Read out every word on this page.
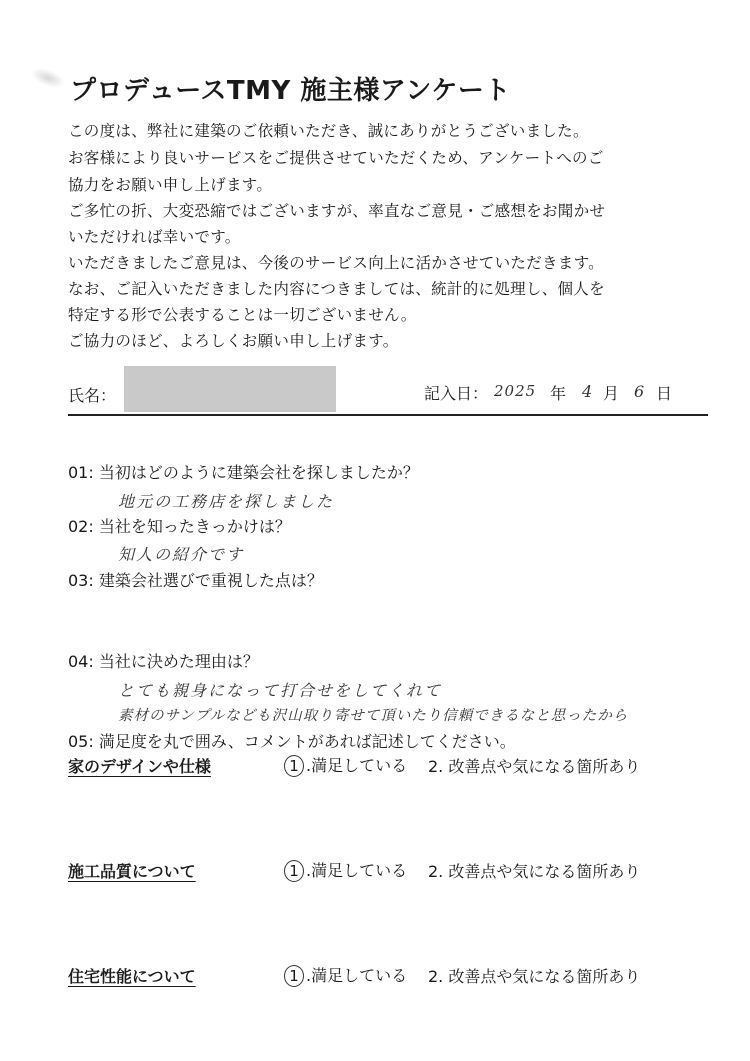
プロデュースTMY 施主様アンケート
この度は、弊社に建築のご依頼いただき、誠にありがとうございました。
お客様により良いサービスをご提供させていただくため、アンケートへのご
協力をお願い申し上げます。
ご多忙の折、大変恐縮ではございますが、率直なご意見・ご感想をお聞かせ
いただければ幸いです。
いただきましたご意見は、今後のサービス向上に活かさせていただきます。
なお、ご記入いただきました内容につきましては、統計的に処理し、個人を
特定する形で公表することは一切ございません。
ご協力のほど、よろしくお願い申し上げます。
氏名：	記入日： 2025 年 4 月 6 日
01: 当初はどのように建築会社を探しましたか？
地元の工務店を探しました
02: 当社を知ったきっかけは？
知人の紹介です
03: 建築会社選びで重視した点は？
04: 当社に決めた理由は？
とても親身になって打合せをしてくれて
素材のサンプルなども沢山取り寄せて頂いたり信頼できるなと思ったから
05: 満足度を丸で囲み、コメントがあれば記述してください。
家のデザインや仕様	1 .満足している 2. 改善点や気になる箇所あり
施工品質について	1 .満足している 2. 改善点や気になる箇所あり
住宅性能について	1 .満足している 2. 改善点や気になる箇所あり
